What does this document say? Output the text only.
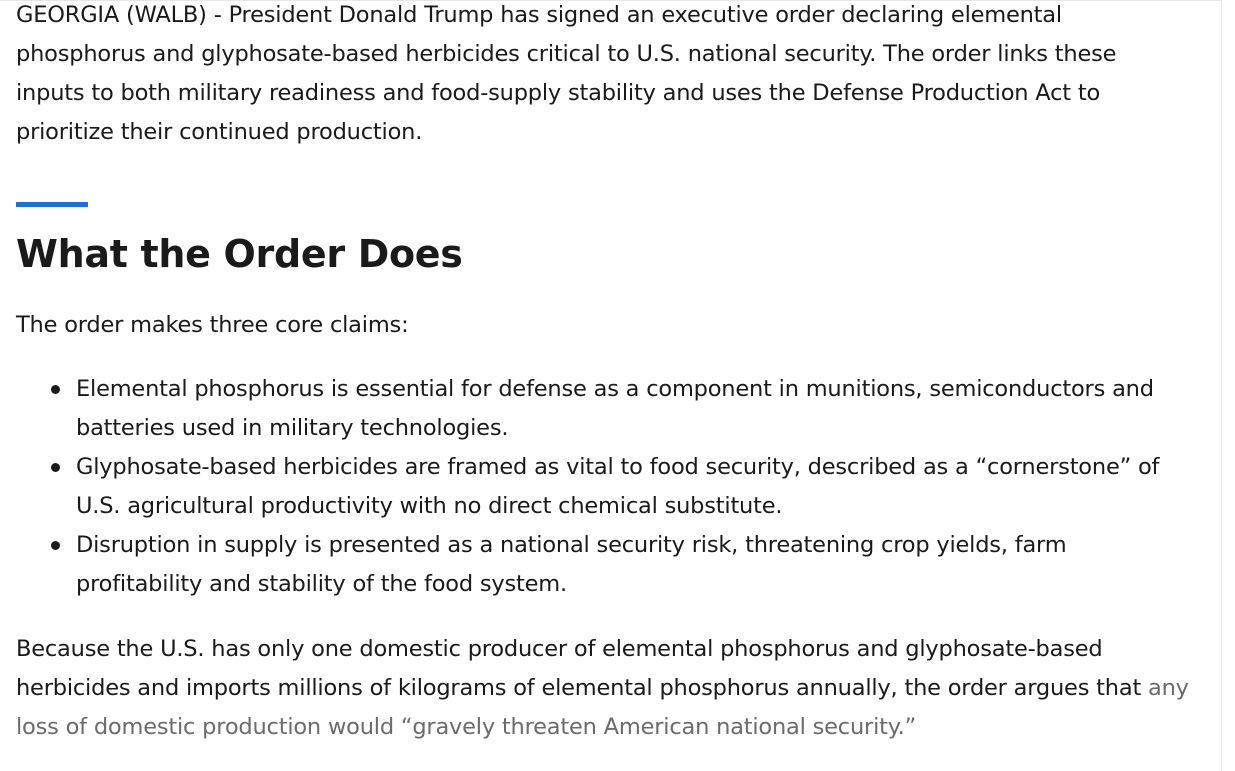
GEORGIA (WALB) - President Donald Trump has signed an executive order declaring elemental phosphorus and glyphosate-based herbicides critical to U.S. national security. The order links these inputs to both military readiness and food-supply stability and uses the Defense Production Act to prioritize their continued production.

What the Order Does

The order makes three core claims:

Elemental phosphorus is essential for defense as a component in munitions, semiconductors and batteries used in military technologies.
Glyphosate-based herbicides are framed as vital to food security, described as a “cornerstone” of U.S. agricultural productivity with no direct chemical substitute.
Disruption in supply is presented as a national security risk, threatening crop yields, farm profitability and stability of the food system.

Because the U.S. has only one domestic producer of elemental phosphorus and glyphosate-based herbicides and imports millions of kilograms of elemental phosphorus annually, the order argues that any loss of domestic production would “gravely threaten American national security.”
